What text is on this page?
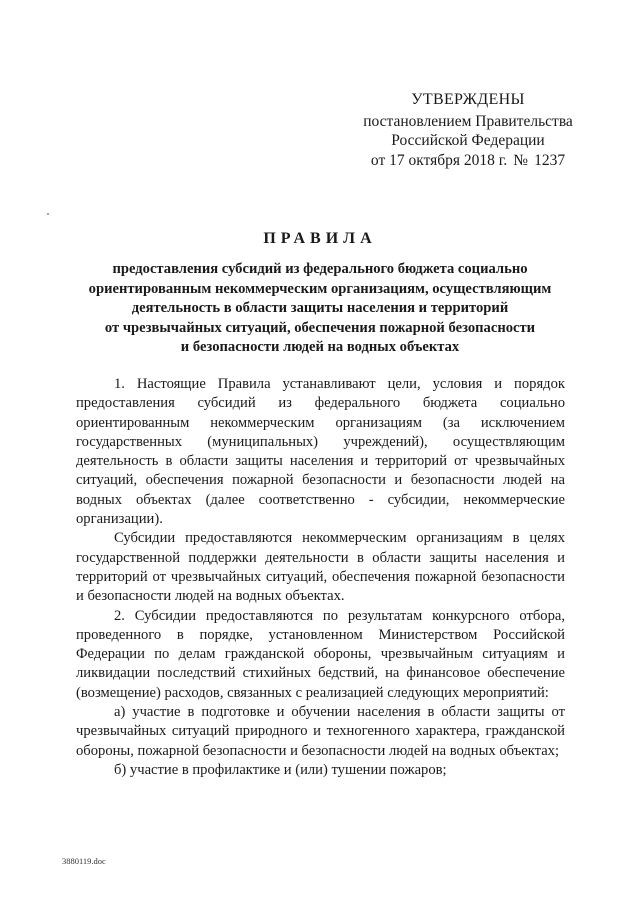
УТВЕРЖДЕНЫ
постановлением Правительства
Российской Федерации
от 17 октября 2018 г. № 1237
ПРАВИЛА
предоставления субсидий из федерального бюджета социально
ориентированным некоммерческим организациям, осуществляющим
деятельность в области защиты населения и территорий
от чрезвычайных ситуаций, обеспечения пожарной безопасности
и безопасности людей на водных объектах

1. Настоящие Правила устанавливают цели, условия и порядок предоставления субсидий из федерального бюджета социально ориентированным некоммерческим организациям (за исключением государственных (муниципальных) учреждений), осуществляющим деятельность в области защиты населения и территорий от чрезвычайных ситуаций, обеспечения пожарной безопасности и безопасности людей на водных объектах (далее соответственно - субсидии, некоммерческие организации).

Субсидии предоставляются некоммерческим организациям в целях государственной поддержки деятельности в области защиты населения и территорий от чрезвычайных ситуаций, обеспечения пожарной безопасности и безопасности людей на водных объектах.

2. Субсидии предоставляются по результатам конкурсного отбора, проведенного в порядке, установленном Министерством Российской Федерации по делам гражданской обороны, чрезвычайным ситуациям и ликвидации последствий стихийных бедствий, на финансовое обеспечение (возмещение) расходов, связанных с реализацией следующих мероприятий:

а) участие в подготовке и обучении населения в области защиты от чрезвычайных ситуаций природного и техногенного характера, гражданской обороны, пожарной безопасности и безопасности людей на водных объектах;

б) участие в профилактике и (или) тушении пожаров;

3880119.doc
